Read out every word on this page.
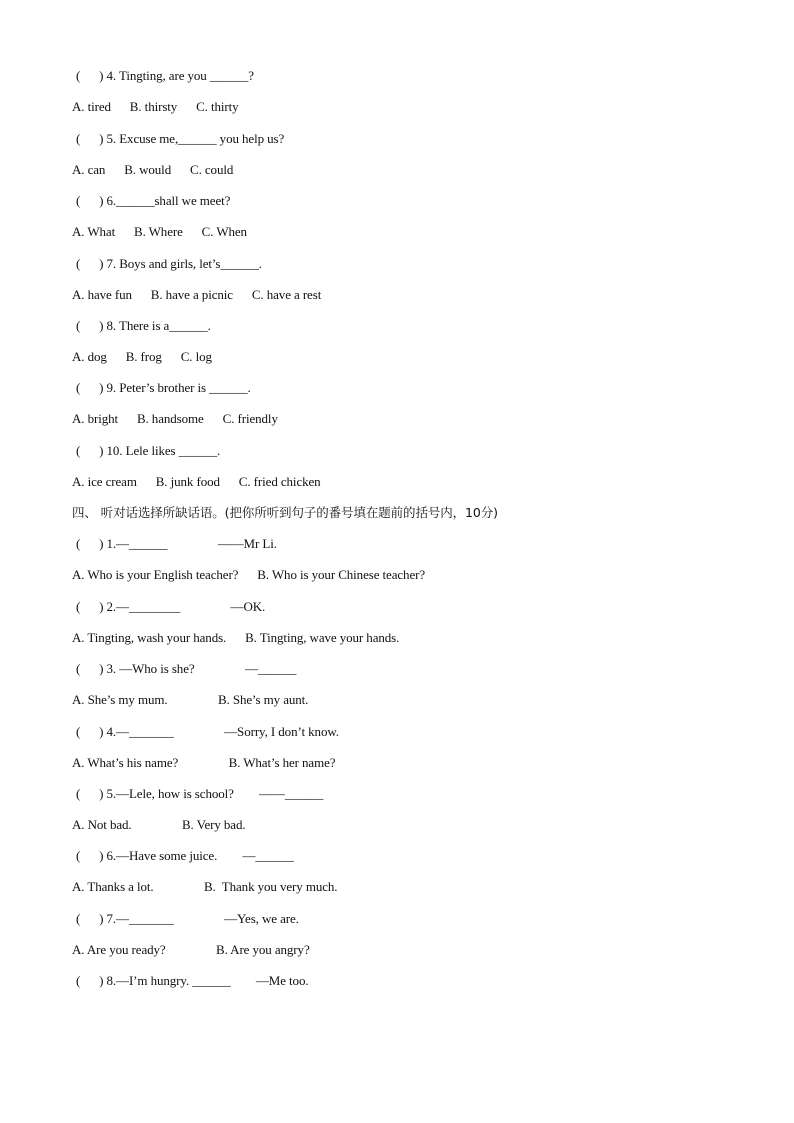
(      ) 4. Tingting, are you ______?
A. tired      B. thirsty      C. thirty
(      ) 5. Excuse me,______ you help us?
A. can      B. would      C. could
(      ) 6.______shall we meet?
A. What      B. Where      C. When
(      ) 7. Boys and girls, let’s______.
A. have fun      B. have a picnic      C. have a rest
(      ) 8. There is a______.
A. dog      B. frog      C. log
(      ) 9. Peter’s brother is ______.
A. bright      B. handsome      C. friendly
(      ) 10. Lele likes ______.
A. ice cream      B. junk food      C. fried chicken
四、 听对话选择所缺话语。(把你所听到句子的番号填在题前的括号内，10分)
(      ) 1.—______                ——Mr Li.
A. Who is your English teacher?      B. Who is your Chinese teacher?
(      ) 2.—________                —OK.
A. Tingting, wash your hands.      B. Tingting, wave your hands.
(      ) 3. —Who is she?                —______
A. She’s my mum.                B. She’s my aunt.
(      ) 4.—_______                —Sorry, I don’t know.
A. What’s his name?                B. What’s her name?
(      ) 5.—Lele, how is school?        ——______
A. Not bad.                B. Very bad.
(      ) 6.—Have some juice.        —______
A. Thanks a lot.                B.  Thank you very much.
(      ) 7.—_______                —Yes, we are.
A. Are you ready?                B. Are you angry?
(      ) 8.—I’m hungry. ______        —Me too.
